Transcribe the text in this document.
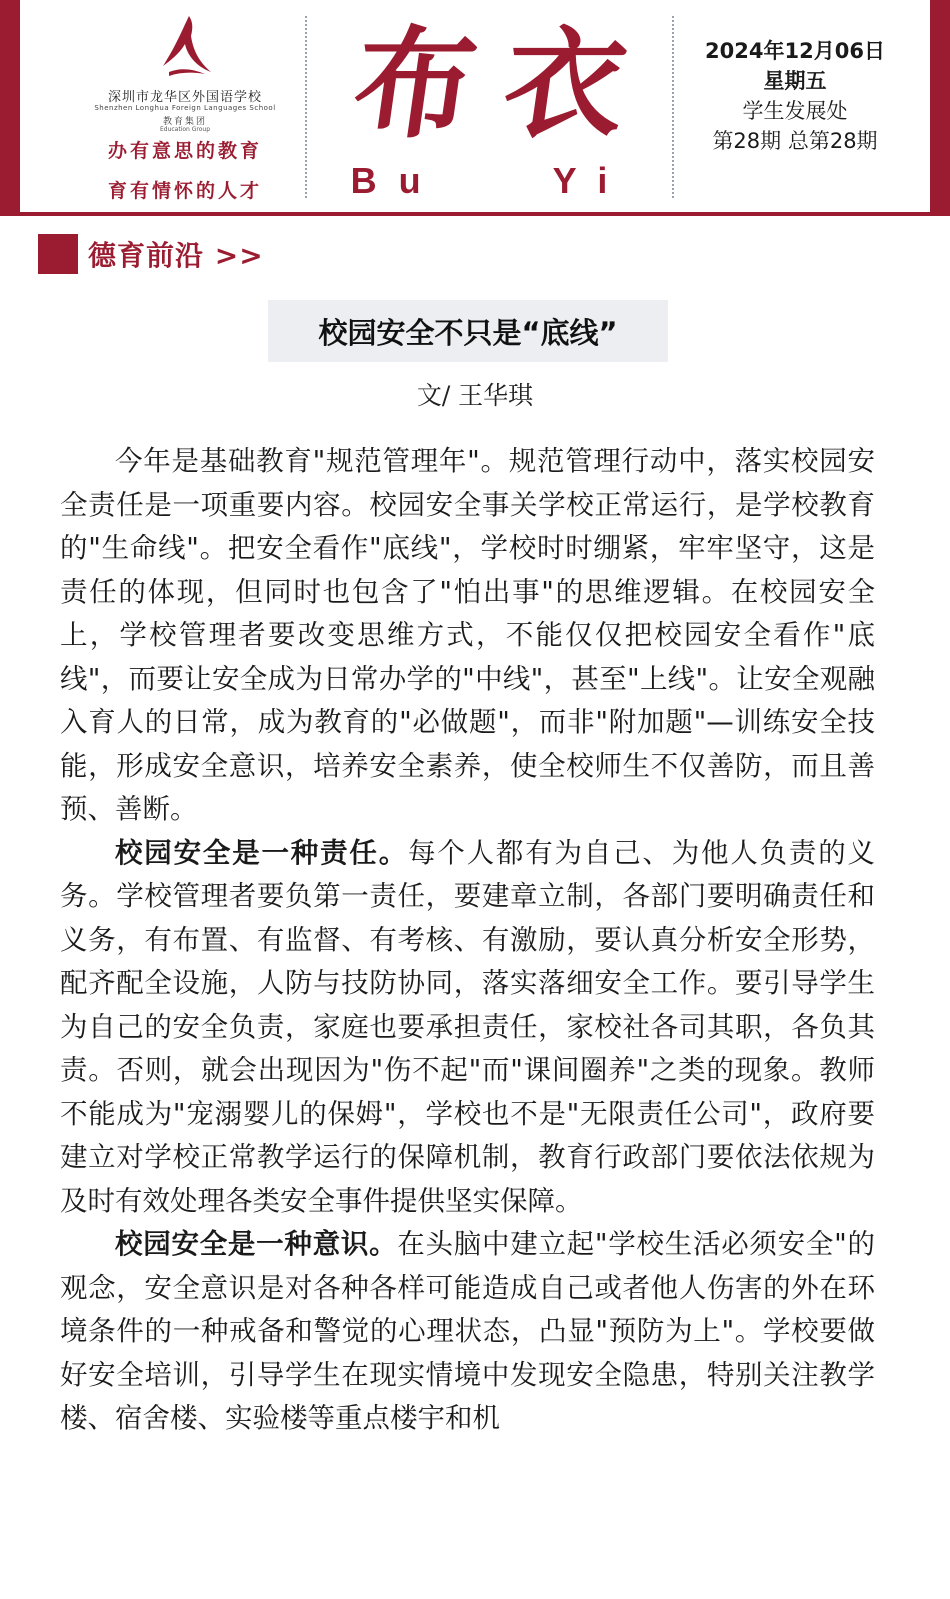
深圳市龙华区外国语学校
Shenzhen Longhua Foreign Languages School
教育集团
Education Group
办有意思的教育
育有情怀的人才
布 衣
Bu	Yi
2024年12月06日
星期五
学生发展处
第28期 总第28期
德育前沿 >>
校园安全不只是“底线”
文/ 王华琪

今年是基础教育"规范管理年"。规范管理行动中，落实校园安全责任是一项重要内容。校园安全事关学校正常运行，是学校教育的"生命线"。把安全看作"底线"，学校时时绷紧，牢牢坚守，这是责任的体现，但同时也包含了"怕出事"的思维逻辑。在校园安全上，学校管理者要改变思维方式，不能仅仅把校园安全看作"底线"，而要让安全成为日常办学的"中线"，甚至"上线"。让安全观融入育人的日常，成为教育的"必做题"，而非"附加题"—训练安全技能，形成安全意识，培养安全素养，使全校师生不仅善防，而且善预、善断。

校园安全是一种责任。每个人都有为自己、为他人负责的义务。学校管理者要负第一责任，要建章立制，各部门要明确责任和义务，有布置、有监督、有考核、有激励，要认真分析安全形势，配齐配全设施，人防与技防协同，落实落细安全工作。要引导学生为自己的安全负责，家庭也要承担责任，家校社各司其职，各负其责。否则，就会出现因为"伤不起"而"课间圈养"之类的现象。教师不能成为"宠溺婴儿的保姆"，学校也不是"无限责任公司"，政府要建立对学校正常教学运行的保障机制，教育行政部门要依法依规为及时有效处理各类安全事件提供坚实保障。

校园安全是一种意识。在头脑中建立起"学校生活必须安全"的观念，安全意识是对各种各样可能造成自己或者他人伤害的外在环境条件的一种戒备和警觉的心理状态，凸显"预防为上"。学校要做好安全培训，引导学生在现实情境中发现安全隐患，特别关注教学楼、宿舍楼、实验楼等重点楼宇和机
